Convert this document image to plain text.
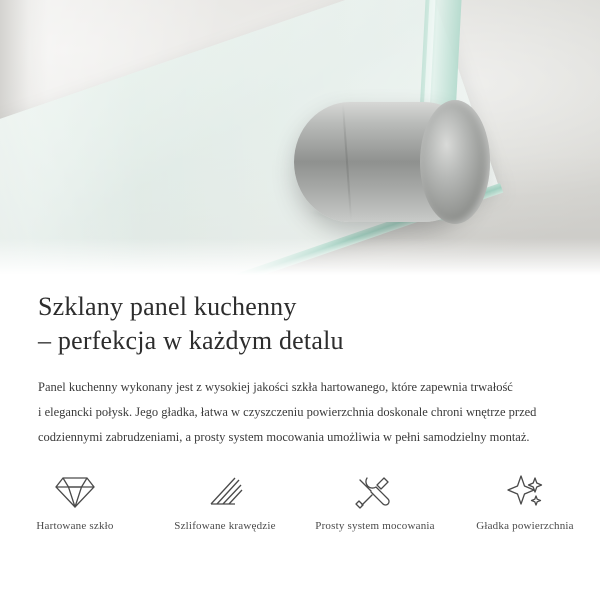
Szklany panel kuchenny
– perfekcja w każdym detalu

Panel kuchenny wykonany jest z wysokiej jakości szkła hartowanego, które zapewnia trwałość
i elegancki połysk. Jego gładka, łatwa w czyszczeniu powierzchnia doskonale chroni wnętrze przed
codziennymi zabrudzeniami, a prosty system mocowania umożliwia w pełni samodzielny montaż.

Hartowane szkło	Szlifowane krawędzie	Prosty system mocowania	Gładka powierzchnia
